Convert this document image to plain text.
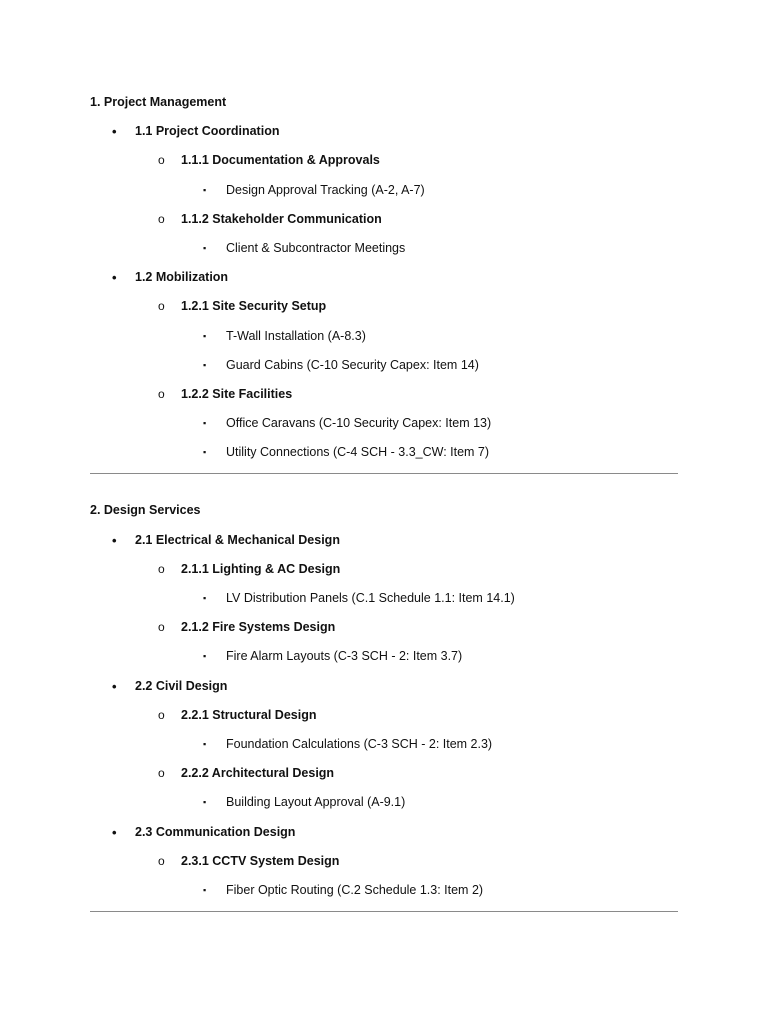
1. Project Management
• 1.1 Project Coordination
o 1.1.1 Documentation & Approvals
▪ Design Approval Tracking (A-2, A-7)
o 1.1.2 Stakeholder Communication
▪ Client & Subcontractor Meetings
• 1.2 Mobilization
o 1.2.1 Site Security Setup
▪ T-Wall Installation (A-8.3)
▪ Guard Cabins (C-10 Security Capex: Item 14)
o 1.2.2 Site Facilities
▪ Office Caravans (C-10 Security Capex: Item 13)
▪ Utility Connections (C-4 SCH - 3.3_CW: Item 7)
2. Design Services
• 2.1 Electrical & Mechanical Design
o 2.1.1 Lighting & AC Design
▪ LV Distribution Panels (C.1 Schedule 1.1: Item 14.1)
o 2.1.2 Fire Systems Design
▪ Fire Alarm Layouts (C-3 SCH - 2: Item 3.7)
• 2.2 Civil Design
o 2.2.1 Structural Design
▪ Foundation Calculations (C-3 SCH - 2: Item 2.3)
o 2.2.2 Architectural Design
▪ Building Layout Approval (A-9.1)
• 2.3 Communication Design
o 2.3.1 CCTV System Design
▪ Fiber Optic Routing (C.2 Schedule 1.3: Item 2)
